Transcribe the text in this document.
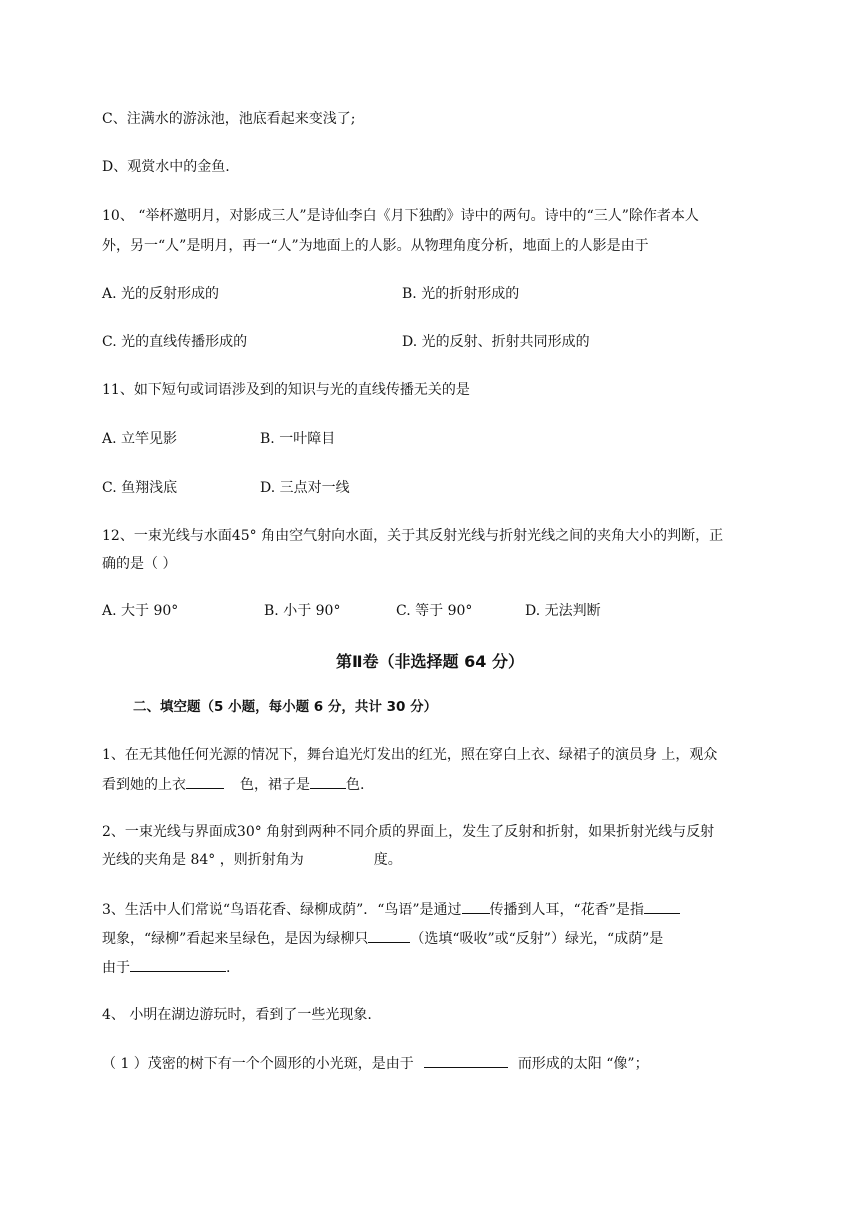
C、注满水的游泳池，池底看起来变浅了;
D、观赏水中的金鱼.
10、 “举杯邀明月，对影成三人”是诗仙李白《月下独酌》诗中的两句。诗中的“三人”除作者本人
外，另一“人”是明月，再一“人”为地面上的人影。从物理角度分析，地面上的人影是由于
A. 光的反射形成的	B. 光的折射形成的
C. 光的直线传播形成的	D. 光的反射、折射共同形成的
11、如下短句或词语涉及到的知识与光的直线传播无关的是
A. 立竿见影	B. 一叶障目
C. 鱼翔浅底	D. 三点对一线
12、一束光线与水面45° 角由空气射向水面，关于其反射光线与折射光线之间的夹角大小的判断，正
确的是（ ）
A. 大于 90°	B. 小于 90°	C. 等于 90°	D. 无法判断
第Ⅱ卷（非选择题 64 分）
二、填空题（5 小题，每小题 6 分，共计 30 分）
1、在无其他任何光源的情况下，舞台追光灯发出的红光，照在穿白上衣、绿裙子的演员身 上，观众
看到她的上衣	色，裙子是	色.
2、一束光线与界面成30° 角射到两种不同介质的界面上，发生了反射和折射，如果折射光线与反射
光线的夹角是 84° ，则折射角为	度。
3、生活中人们常说“鸟语花香、绿柳成荫”．“鸟语”是通过 传播到人耳，“花香”是指
现象，“绿柳”看起来呈绿色，是因为绿柳只	（选填“吸收”或“反射”）绿光，“成荫”是
由于	.
4、 小明在湖边游玩时，看到了一些光现象.
（ 1 ）茂密的树下有一个个圆形的小光斑，是由于	而形成的太阳 “像”；
